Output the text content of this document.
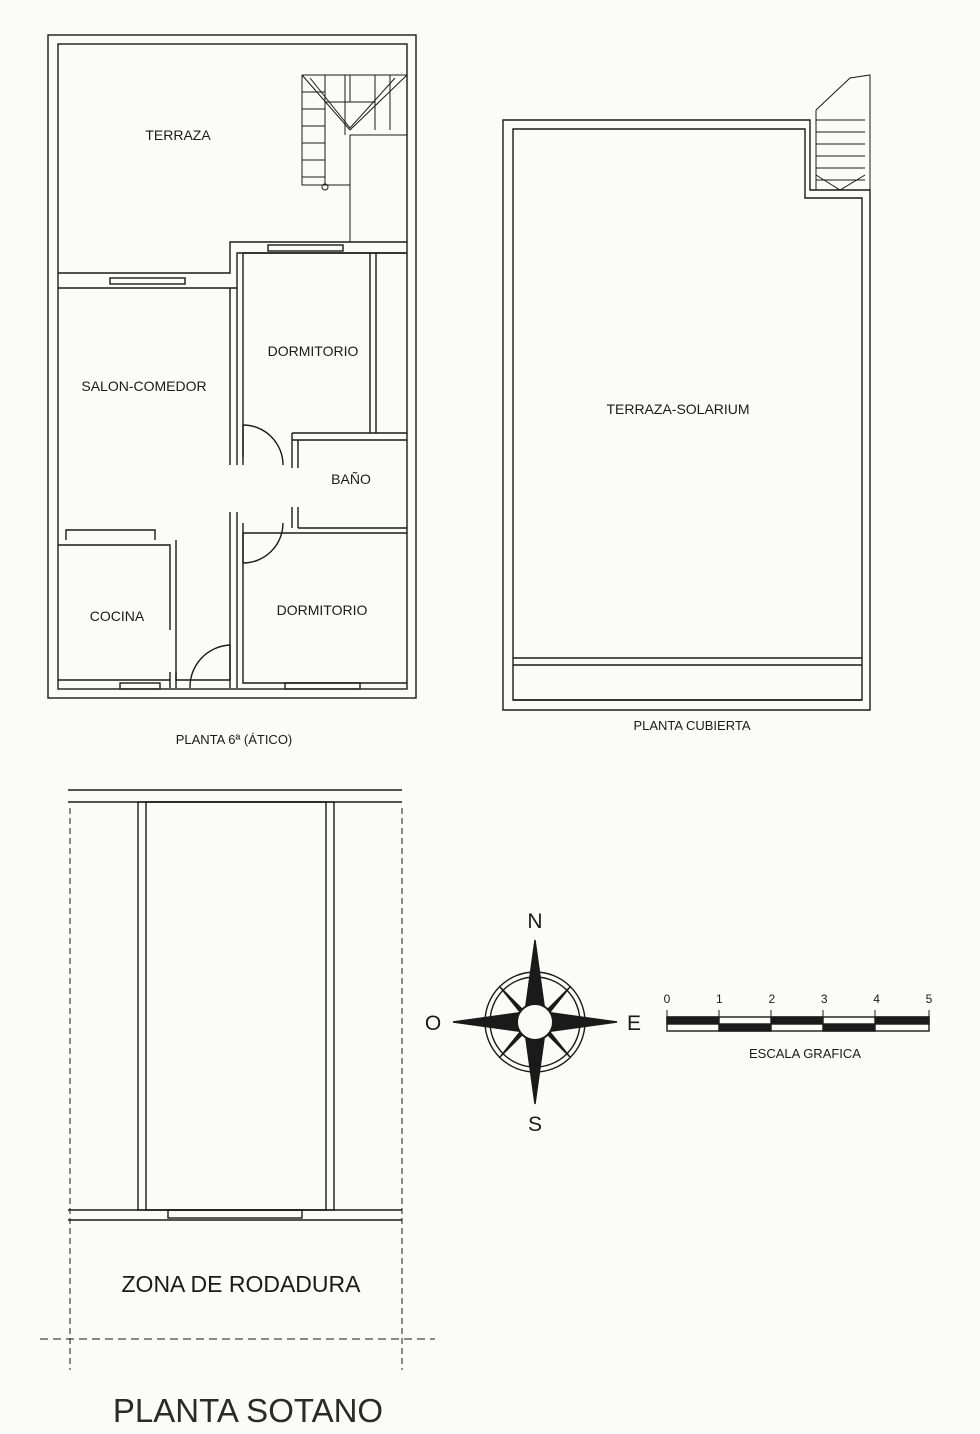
TERRAZA
SALON-COMEDOR
DORMITORIO
BAÑO
COCINA	DORMITORIO
PLANTA 6ª (ÁTICO)
TERRAZA-SOLARIUM
PLANTA CUBIERTA
ZONA DE RODADURA
PLANTA SOTANO
N
S
E
O
0	1	2	3	4	5
ESCALA GRAFICA
